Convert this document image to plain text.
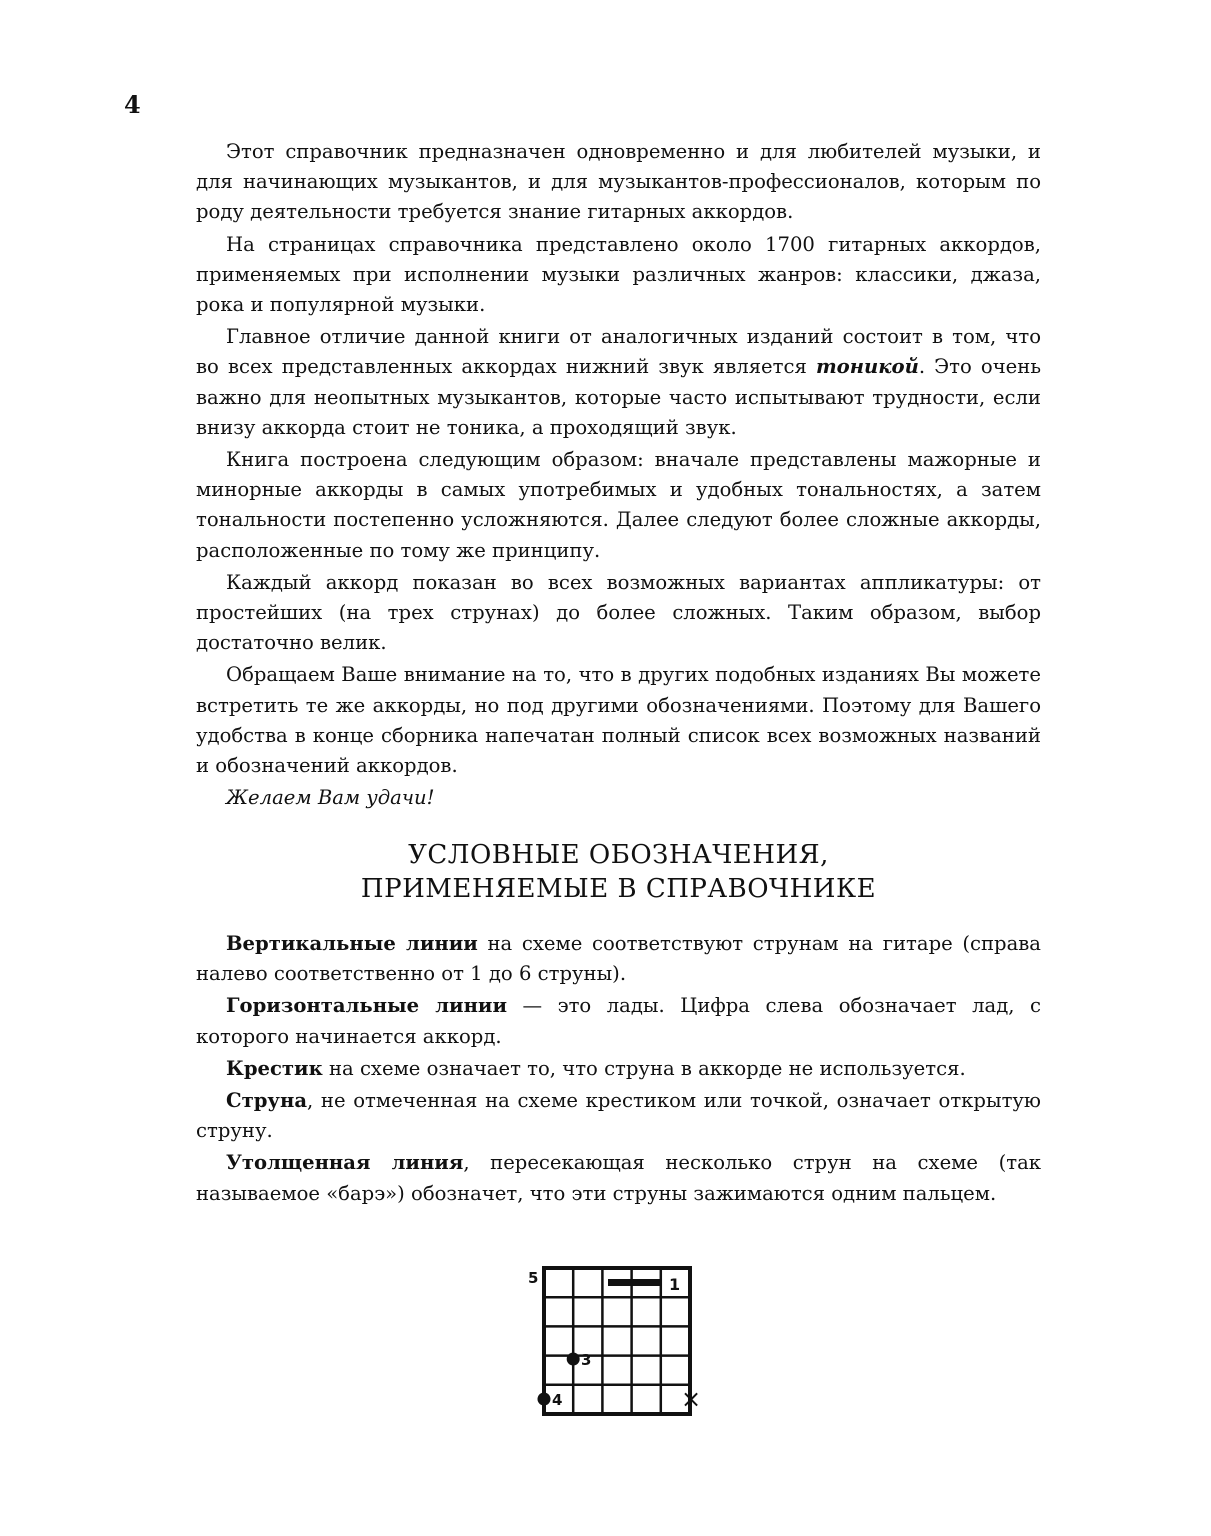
4

Этот справочник предназначен одновременно и для любителей музыки, и для начинающих музыкантов, и для музыкантов-профессионалов, которым по роду деятельности требуется знание гитарных аккордов.

На страницах справочника представлено около 1700 гитарных аккордов, применяемых при исполнении музыки различных жанров: классики, джаза, рока и популярной музыки.

Главное отличие данной книги от аналогичных изданий состоит в том, что во всех представленных аккордах нижний звук является тоникой. Это очень важно для неопытных музыкантов, которые часто испытывают трудности, если внизу аккорда стоит не тоника, а проходящий звук.

Книга построена следующим образом: вначале представлены мажорные и минорные аккорды в самых употребимых и удобных тональностях, а затем тональности постепенно усложняются. Далее следуют более сложные аккорды, расположенные по тому же принципу.

Каждый аккорд показан во всех возможных вариантах аппликатуры: от простейших (на трех струнах) до более сложных. Таким образом, выбор достаточно велик.

Обращаем Ваше внимание на то, что в других подобных изданиях Вы можете встретить те же аккорды, но под другими обозначениями. Поэтому для Вашего удобства в конце сборника напечатан полный список всех возможных названий и обозначений аккордов.

Желаем Вам удачи!

УСЛОВНЫЕ ОБОЗНАЧЕНИЯ,
ПРИМЕНЯЕМЫЕ В СПРАВОЧНИКЕ

Вертикальные линии на схеме соответствуют струнам на гитаре (справа налево соответственно от 1 до 6 струны).

Горизонтальные линии — это лады. Цифра слева обозначает лад, с которого начинается аккорд.

Крестик на схеме означает то, что струна в аккорде не используется.

Струна, не отмеченная на схеме крестиком или точкой, означает открытую струну.

Утолщенная линия, пересекающая несколько струн на схеме (так называемое «барэ») обозначет, что эти струны зажимаются одним пальцем.

5	1
3
4	×
